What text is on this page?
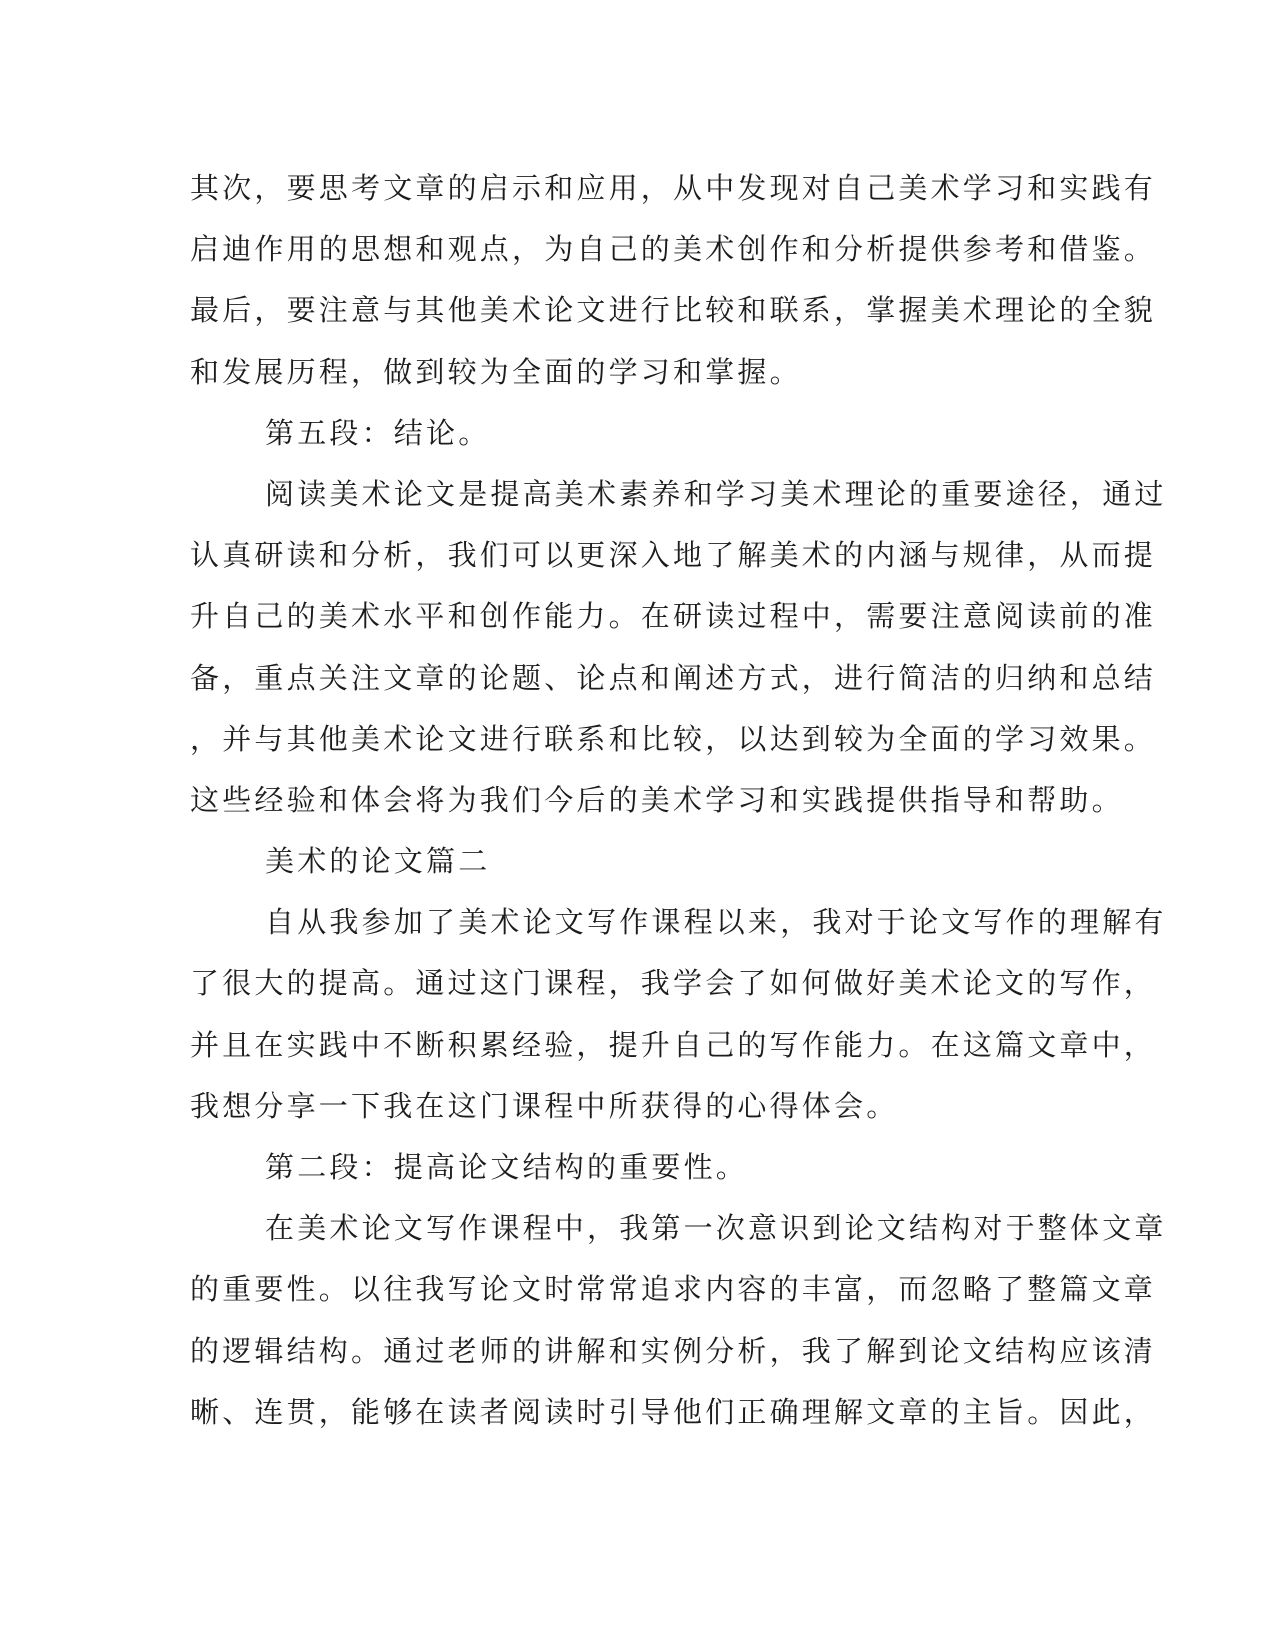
其次，要思考文章的启示和应用，从中发现对自己美术学习和实践有
启迪作用的思想和观点，为自己的美术创作和分析提供参考和借鉴。
最后，要注意与其他美术论文进行比较和联系，掌握美术理论的全貌
和发展历程，做到较为全面的学习和掌握。
第五段：结论。
阅读美术论文是提高美术素养和学习美术理论的重要途径，通过
认真研读和分析，我们可以更深入地了解美术的内涵与规律，从而提
升自己的美术水平和创作能力。在研读过程中，需要注意阅读前的准
备，重点关注文章的论题、论点和阐述方式，进行简洁的归纳和总结
，并与其他美术论文进行联系和比较，以达到较为全面的学习效果。
这些经验和体会将为我们今后的美术学习和实践提供指导和帮助。
美术的论文篇二
自从我参加了美术论文写作课程以来，我对于论文写作的理解有
了很大的提高。通过这门课程，我学会了如何做好美术论文的写作，
并且在实践中不断积累经验，提升自己的写作能力。在这篇文章中，
我想分享一下我在这门课程中所获得的心得体会。
第二段：提高论文结构的重要性。
在美术论文写作课程中，我第一次意识到论文结构对于整体文章
的重要性。以往我写论文时常常追求内容的丰富，而忽略了整篇文章
的逻辑结构。通过老师的讲解和实例分析，我了解到论文结构应该清
晰、连贯，能够在读者阅读时引导他们正确理解文章的主旨。因此，
